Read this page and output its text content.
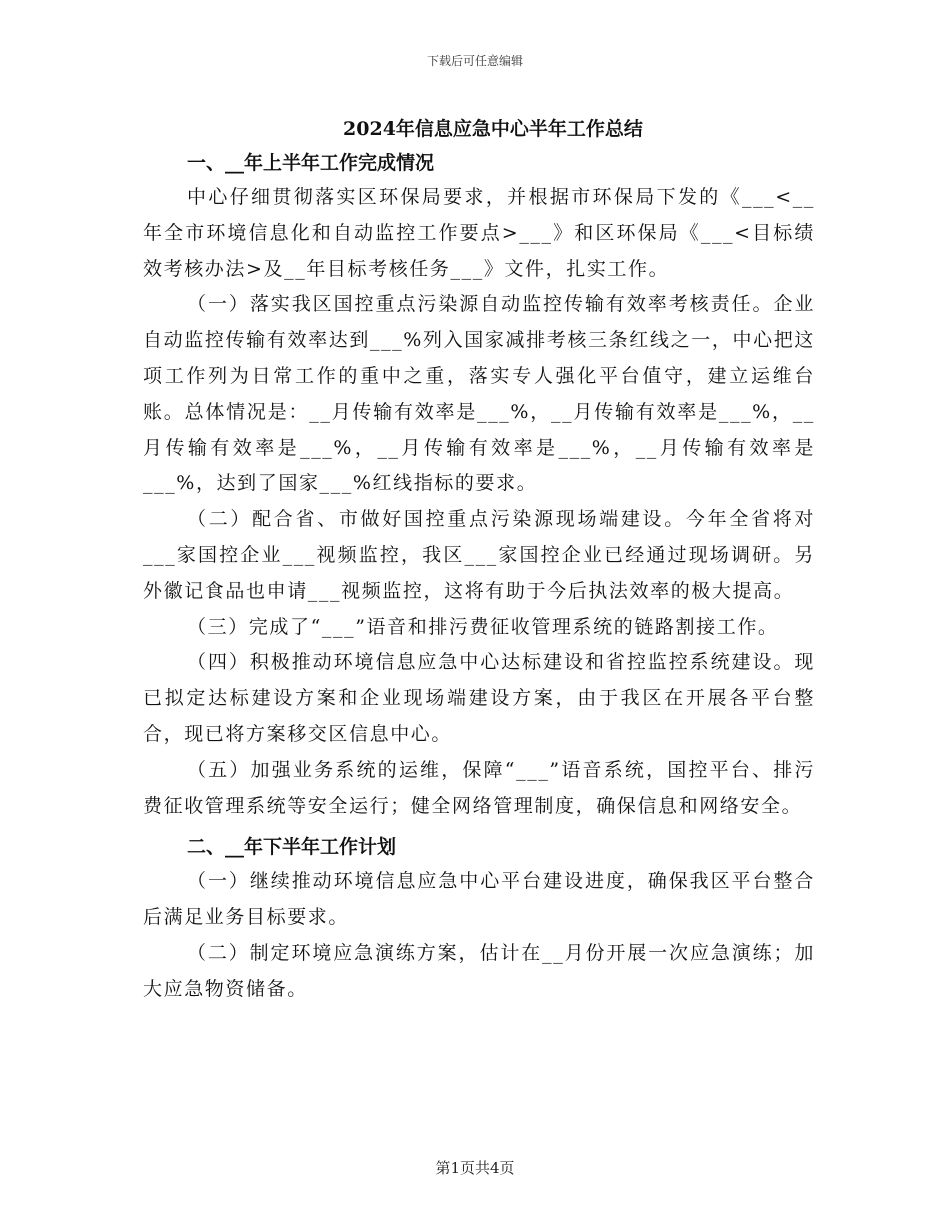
下载后可任意编辑
2024年信息应急中心半年工作总结
一、__年上半年工作完成情况

中心仔细贯彻落实区环保局要求，并根据市环保局下发的《___<__年全市环境信息化和自动监控工作要点>___》和区环保局《___<目标绩效考核办法>及__年目标考核任务___》文件，扎实工作。

（一）落实我区国控重点污染源自动监控传输有效率考核责任。企业自动监控传输有效率达到___%列入国家减排考核三条红线之一，中心把这项工作列为日常工作的重中之重，落实专人强化平台值守，建立运维台账。总体情况是：__月传输有效率是___%，__月传输有效率是___%，__月传输有效率是___%，__月传输有效率是___%，__月传输有效率是___%，达到了国家___%红线指标的要求。

（二）配合省、市做好国控重点污染源现场端建设。今年全省将对___家国控企业___视频监控，我区___家国控企业已经通过现场调研。另外徽记食品也申请___视频监控，这将有助于今后执法效率的极大提高。

（三）完成了“___”语音和排污费征收管理系统的链路割接工作。

（四）积极推动环境信息应急中心达标建设和省控监控系统建设。现已拟定达标建设方案和企业现场端建设方案，由于我区在开展各平台整合，现已将方案移交区信息中心。

（五）加强业务系统的运维，保障“___”语音系统，国控平台、排污费征收管理系统等安全运行；健全网络管理制度，确保信息和网络安全。

二、__年下半年工作计划

（一）继续推动环境信息应急中心平台建设进度，确保我区平台整合后满足业务目标要求。

（二）制定环境应急演练方案，估计在__月份开展一次应急演练；加大应急物资储备。

第1页共4页
